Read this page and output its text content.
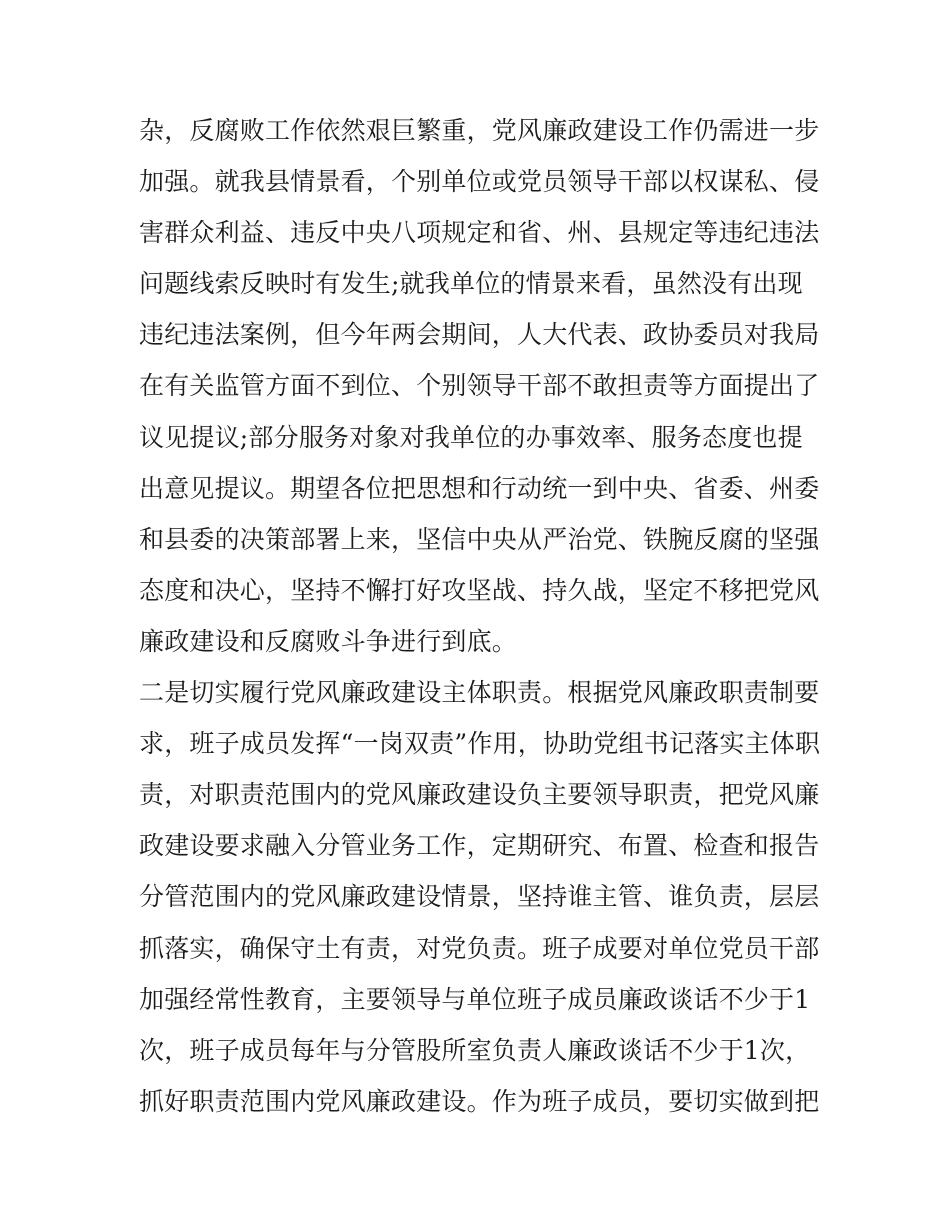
杂，反腐败工作依然艰巨繁重，党风廉政建设工作仍需进一步
加强。就我县情景看，个别单位或党员领导干部以权谋私、侵
害群众利益、违反中央八项规定和省、州、县规定等违纪违法
问题线索反映时有发生;就我单位的情景来看，虽然没有出现
违纪违法案例，但今年两会期间，人大代表、政协委员对我局
在有关监管方面不到位、个别领导干部不敢担责等方面提出了
议见提议;部分服务对象对我单位的办事效率、服务态度也提
出意见提议。期望各位把思想和行动统一到中央、省委、州委
和县委的决策部署上来，坚信中央从严治党、铁腕反腐的坚强
态度和决心，坚持不懈打好攻坚战、持久战，坚定不移把党风
廉政建设和反腐败斗争进行到底。
二是切实履行党风廉政建设主体职责。根据党风廉政职责制要
求，班子成员发挥“一岗双责”作用，协助党组书记落实主体职
责，对职责范围内的党风廉政建设负主要领导职责，把党风廉
政建设要求融入分管业务工作，定期研究、布置、检查和报告
分管范围内的党风廉政建设情景，坚持谁主管、谁负责，层层
抓落实，确保守土有责，对党负责。班子成要对单位党员干部
加强经常性教育，主要领导与单位班子成员廉政谈话不少于1
次，班子成员每年与分管股所室负责人廉政谈话不少于1次，
抓好职责范围内党风廉政建设。作为班子成员，要切实做到把
